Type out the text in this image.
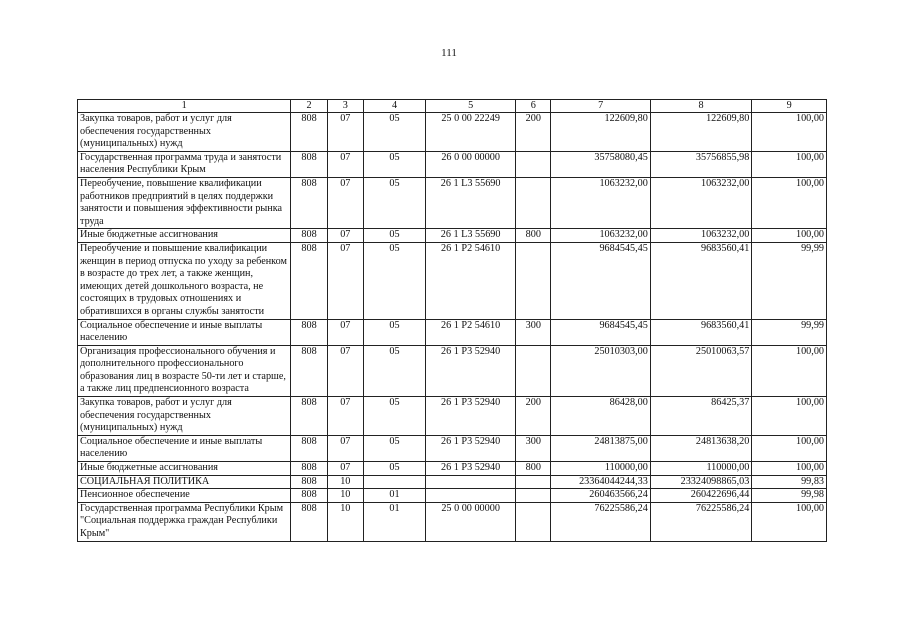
111
1	2	3	4	5	6	7	8	9
Закупка товаров, работ и услуг для обеспечения государственных (муниципальных) нужд	808	07	05	25 0 00 22249	200	122609,80	122609,80	100,00
Государственная программа труда и занятости населения Республики Крым	808	07	05	26 0 00 00000		35758080,45	35756855,98	100,00
Переобучение, повышение квалификации работников предприятий в целях поддержки занятости и повышения эффективности рынка труда	808	07	05	26 1 L3 55690		1063232,00	1063232,00	100,00
Иные бюджетные ассигнования	808	07	05	26 1 L3 55690	800	1063232,00	1063232,00	100,00
Переобучение и повышение квалификации женщин в период отпуска по уходу за ребенком в возрасте до трех лет, а также женщин, имеющих детей дошкольного возраста, не состоящих в трудовых отношениях и обратившихся в органы службы занятости	808	07	05	26 1 P2 54610		9684545,45	9683560,41	99,99
Социальное обеспечение и иные выплаты населению	808	07	05	26 1 P2 54610	300	9684545,45	9683560,41	99,99
Организация профессионального обучения и дополнительного профессионального образования лиц в возрасте 50-ти лет и старше, а также лиц предпенсионного возраста	808	07	05	26 1 P3 52940		25010303,00	25010063,57	100,00
Закупка товаров, работ и услуг для обеспечения государственных (муниципальных) нужд	808	07	05	26 1 P3 52940	200	86428,00	86425,37	100,00
Социальное обеспечение и иные выплаты населению	808	07	05	26 1 P3 52940	300	24813875,00	24813638,20	100,00
Иные бюджетные ассигнования	808	07	05	26 1 P3 52940	800	110000,00	110000,00	100,00
СОЦИАЛЬНАЯ ПОЛИТИКА	808	10				23364044244,33	23324098865,03	99,83
Пенсионное обеспечение	808	10	01			260463566,24	260422696,44	99,98
Государственная программа Республики Крым "Социальная поддержка граждан Республики Крым"	808	10	01	25 0 00 00000		76225586,24	76225586,24	100,00
